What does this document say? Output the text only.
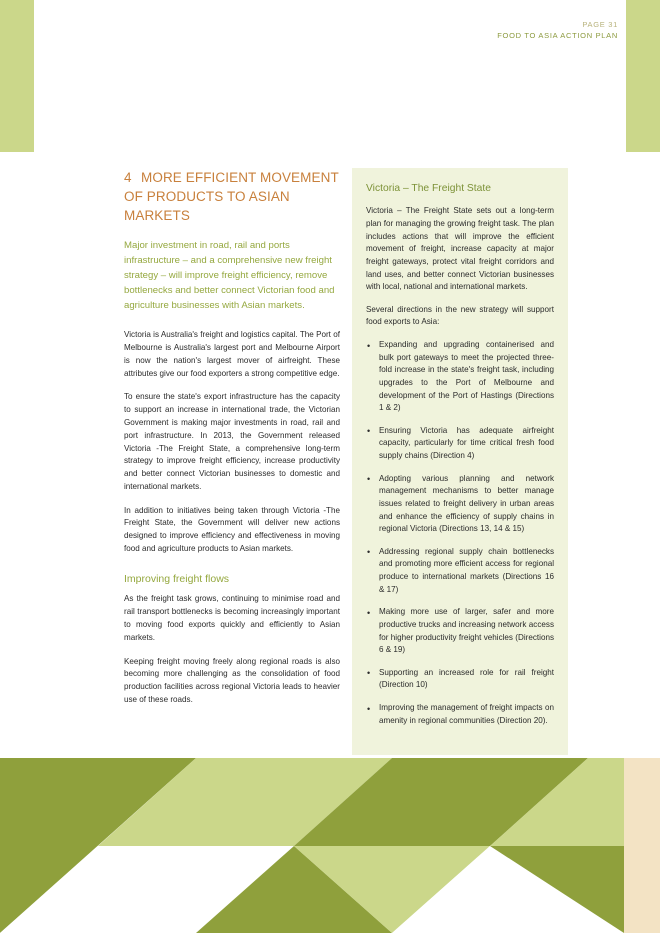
PAGE 31
FOOD TO ASIA ACTION PLAN
4 MORE EFFICIENT MOVEMENT OF PRODUCTS TO ASIAN MARKETS

Major investment in road, rail and ports infrastructure – and a comprehensive new freight strategy – will improve freight efficiency, remove bottlenecks and better connect Victorian food and agriculture businesses with Asian markets.

Victoria is Australia's freight and logistics capital. The Port of Melbourne is Australia's largest port and Melbourne Airport is now the nation's largest mover of airfreight. These attributes give our food exporters a strong competitive edge.

To ensure the state's export infrastructure has the capacity to support an increase in international trade, the Victorian Government is making major investments in road, rail and port infrastructure. In 2013, the Government released Victoria -The Freight State, a comprehensive long-term strategy to improve freight efficiency, increase productivity and better connect Victorian businesses to domestic and international markets.

In addition to initiatives being taken through Victoria -The Freight State, the Government will deliver new actions designed to improve efficiency and effectiveness in moving food and agriculture products to Asian markets.

Improving freight flows

As the freight task grows, continuing to minimise road and rail transport bottlenecks is becoming increasingly important to moving food exports quickly and efficiently to Asian markets.

Keeping freight moving freely along regional roads is also becoming more challenging as the consolidation of food production facilities across regional Victoria leads to heavier use of these roads.

Victoria – The Freight State

Victoria – The Freight State sets out a long-term plan for managing the growing freight task. The plan includes actions that will improve the efficient movement of freight, increase capacity at major freight gateways, protect vital freight corridors and land uses, and better connect Victorian businesses with local, national and international markets.

Several directions in the new strategy will support food exports to Asia:

• Expanding and upgrading containerised and bulk port gateways to meet the projected three-fold increase in the state's freight task, including upgrades to the Port of Melbourne and development of the Port of Hastings (Directions 1 & 2)
• Ensuring Victoria has adequate airfreight capacity, particularly for time critical fresh food supply chains (Direction 4)
• Adopting various planning and network management mechanisms to better manage issues related to freight delivery in urban areas and enhance the efficiency of supply chains in regional Victoria (Directions 13, 14 & 15)
• Addressing regional supply chain bottlenecks and promoting more efficient access for regional produce to international markets (Directions 16 & 17)
• Making more use of larger, safer and more productive trucks and increasing network access for higher productivity freight vehicles (Directions 6 & 19)
• Supporting an increased role for rail freight (Direction 10)
• Improving the management of freight impacts on amenity in regional communities (Direction 20).
